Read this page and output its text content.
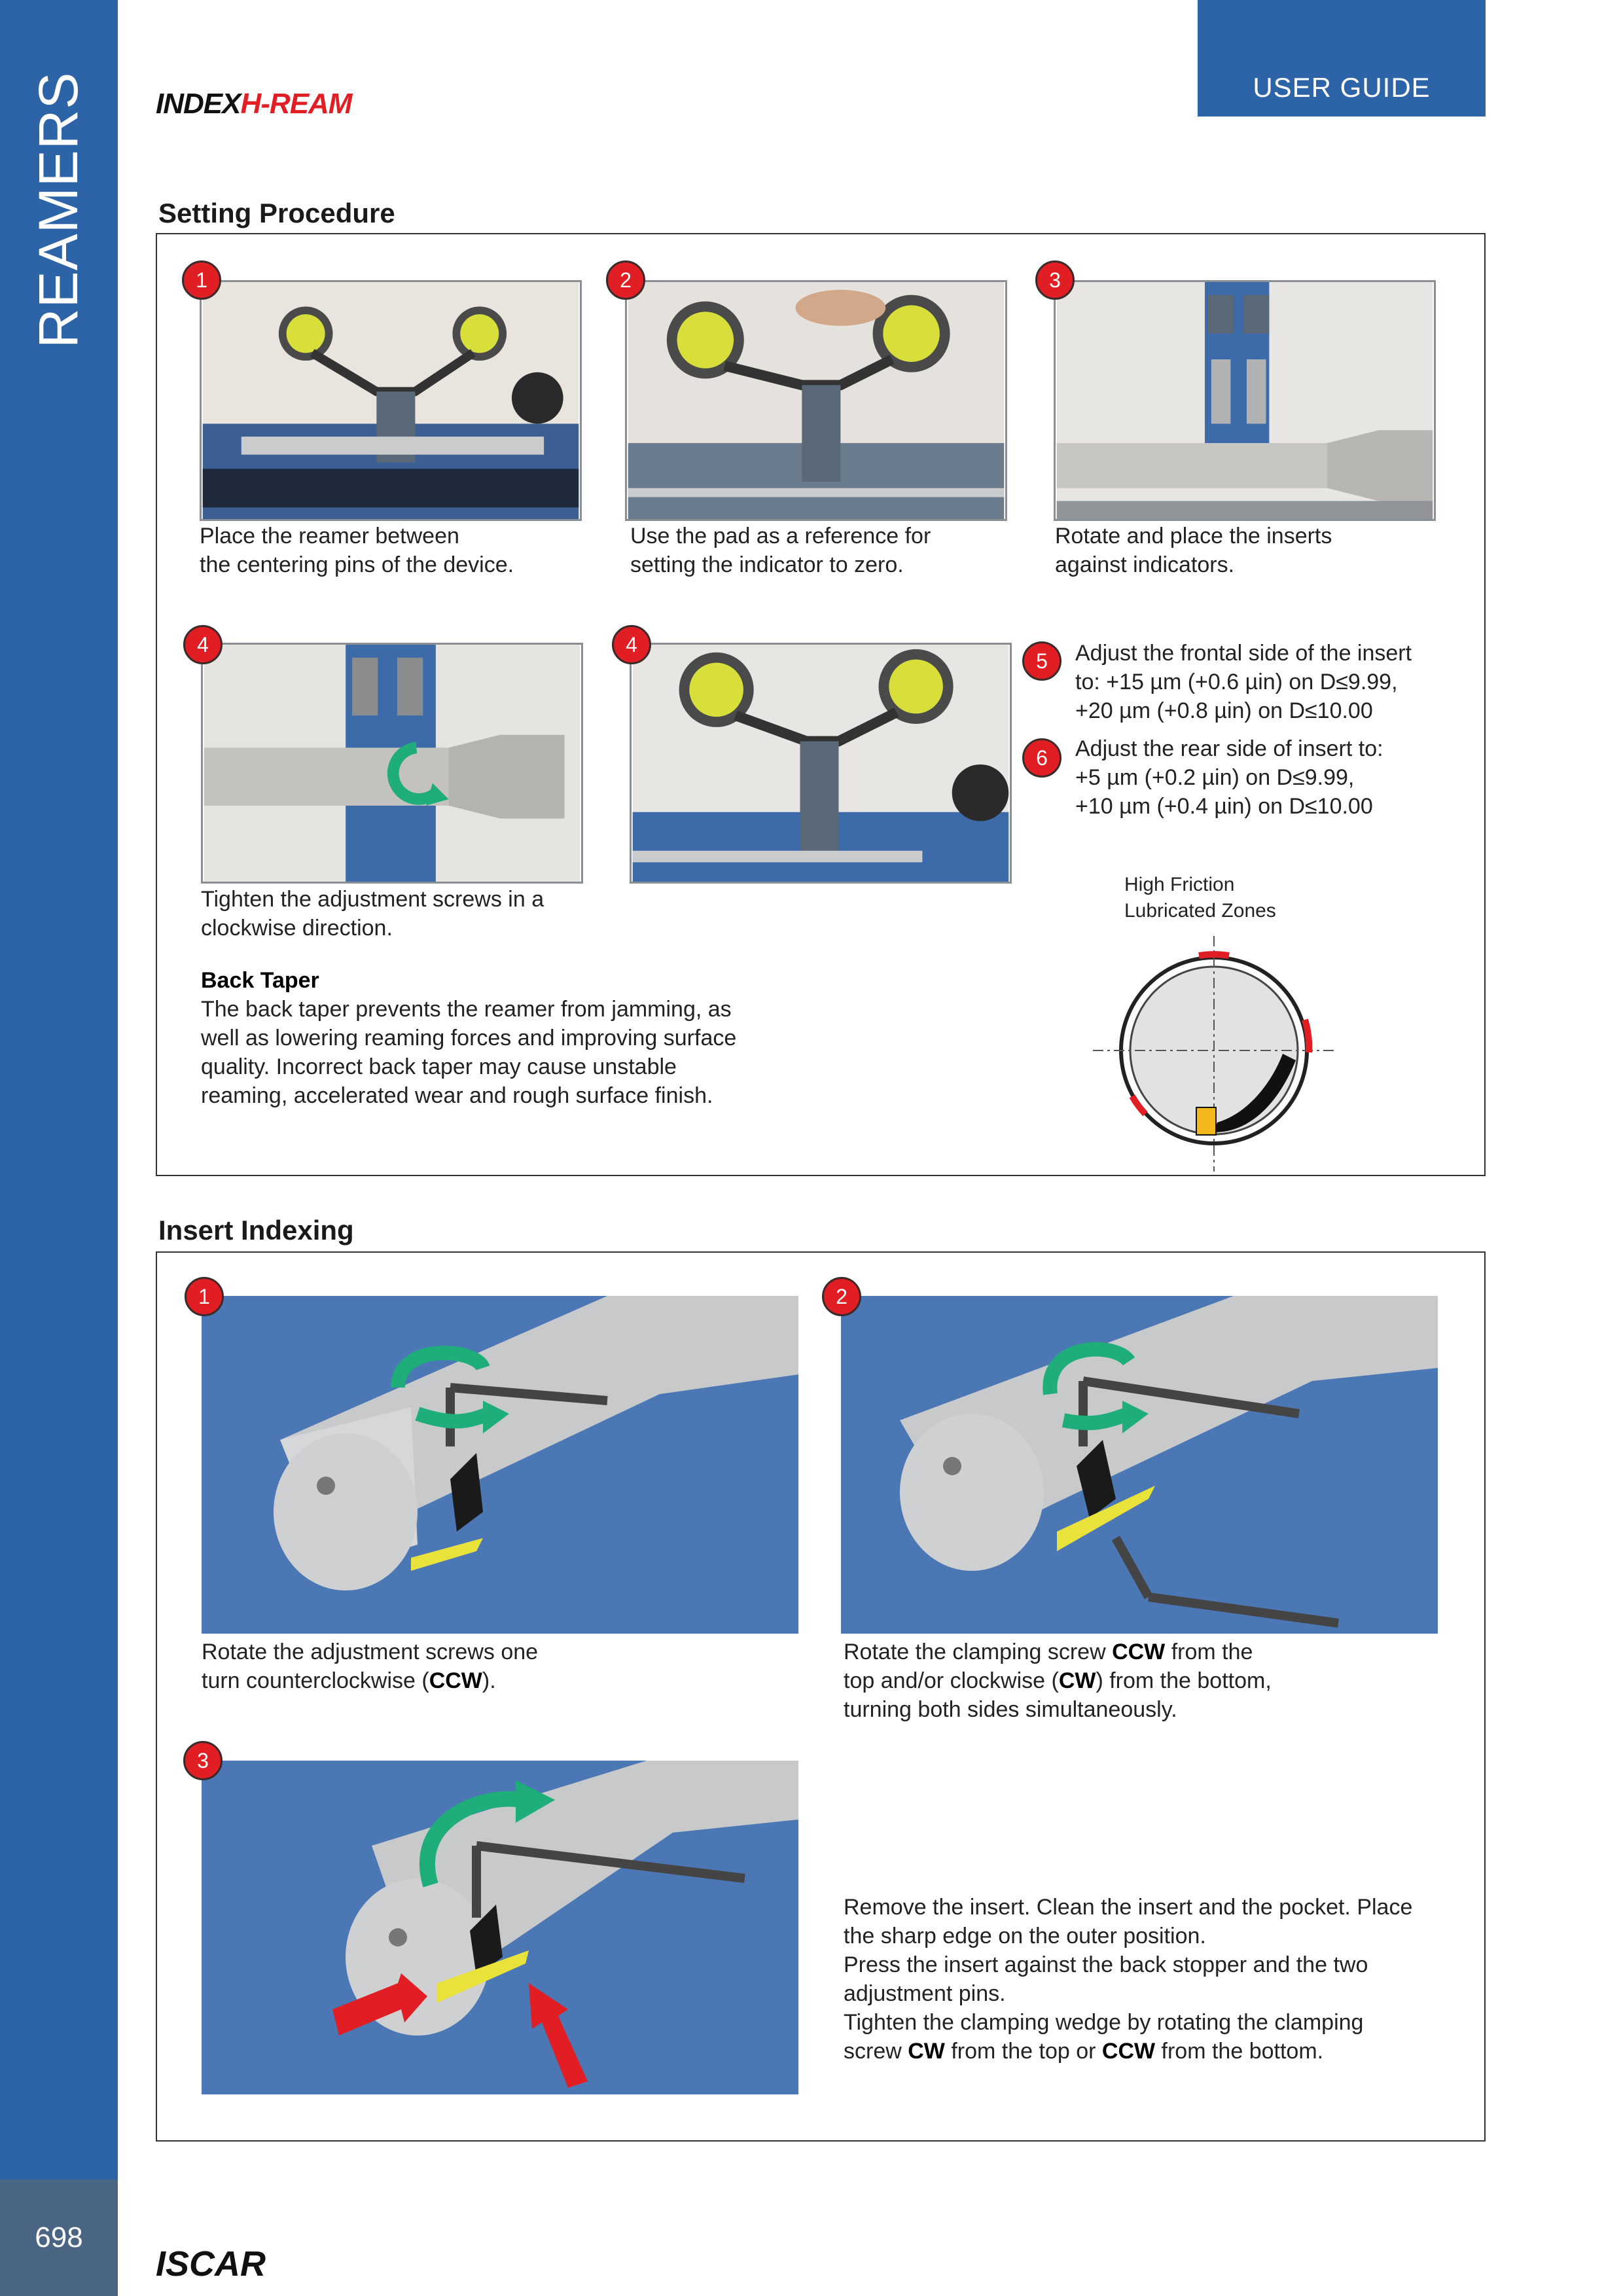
REAMERS
698
USER GUIDE
INDEXH-REAM
Setting Procedure
1
Place the reamer between
the centering pins of the device.
2
Use the pad as a reference for
setting the indicator to zero.
3
Rotate and place the inserts
against indicators.
4
Tighten the adjustment screws in a
clockwise direction.
4
5	Adjust the frontal side of the insert
to: +15 µm (+0.6 µin) on D≤9.99,
+20 µm (+0.8 µin) on D≤10.00
6	Adjust the rear side of insert to:
+5 µm (+0.2 µin) on D≤9.99,
+10 µm (+0.4 µin) on D≤10.00
High Friction
Lubricated Zones
Back Taper
The back taper prevents the reamer from jamming, as
well as lowering reaming forces and improving surface
quality. Incorrect back taper may cause unstable
reaming, accelerated wear and rough surface finish.
Insert Indexing
1
Rotate the adjustment screws one
turn counterclockwise (CCW).
2
Rotate the clamping screw CCW from the
top and/or clockwise (CW) from the bottom,
turning both sides simultaneously.
3
Remove the insert. Clean the insert and the pocket. Place
the sharp edge on the outer position.
Press the insert against the back stopper and the two
adjustment pins.
Tighten the clamping wedge by rotating the clamping
screw CW from the top or CCW from the bottom.
ISCAR
